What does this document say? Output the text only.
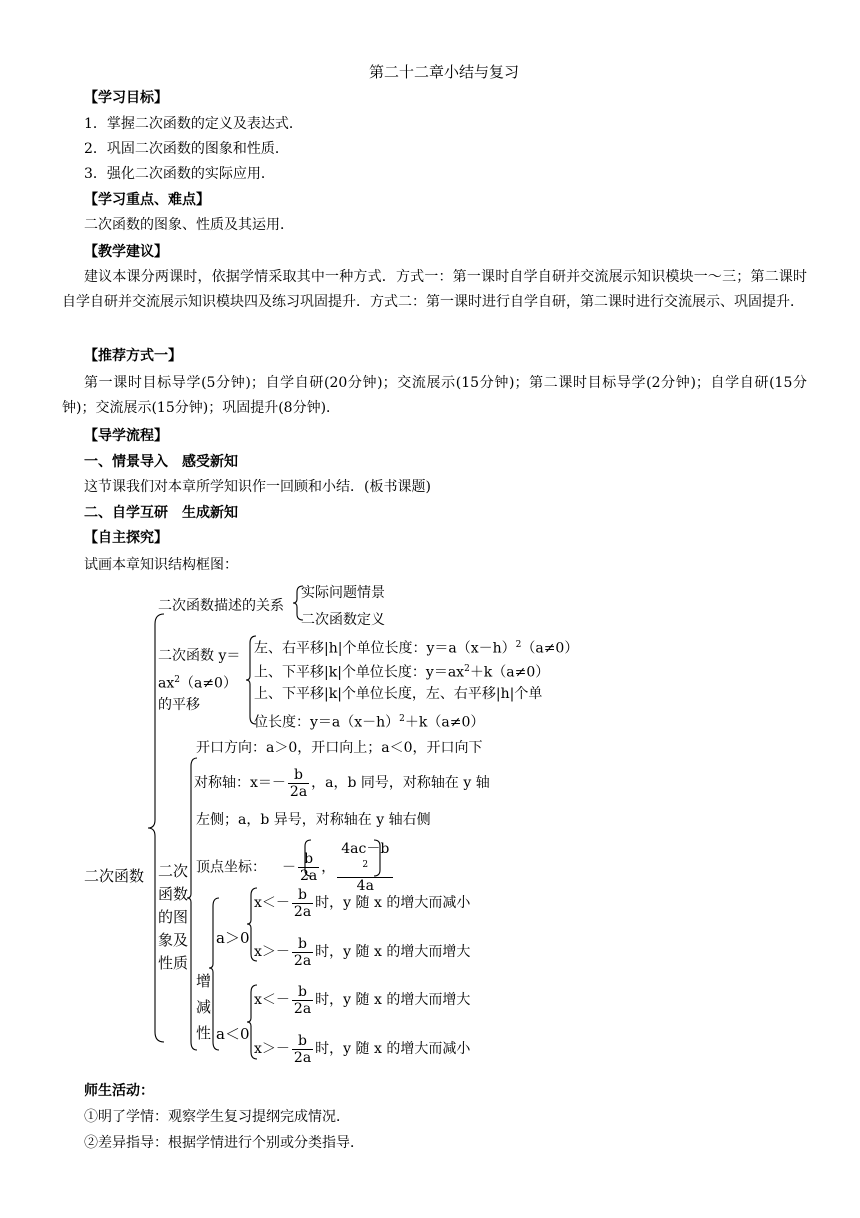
第二十二章小结与复习
【学习目标】
1．掌握二次函数的定义及表达式．
2．巩固二次函数的图象和性质．
3．强化二次函数的实际应用．
【学习重点、难点】
二次函数的图象、性质及其运用．
【教学建议】
建议本课分两课时，依据学情采取其中一种方式．方式一：第一课时自学自研并交流展示知识模块一～三；第二课时自学自研并交流展示知识模块四及练习巩固提升．方式二：第一课时进行自学自研，第二课时进行交流展示、巩固提升．
【推荐方式一】
第一课时目标导学(5分钟)；自学自研(20分钟)；交流展示(15分钟)；第二课时目标导学(2分钟)；自学自研(15分钟)；交流展示(15分钟)；巩固提升(8分钟)．
【导学流程】
一、情景导入　感受新知
这节课我们对本章所学知识作一回顾和小结．(板书课题)
二、自学互研　生成新知
【自主探究】
试画本章知识结构框图：
二次函数
二次函数描述的关系
实际问题情景
二次函数定义
二次函数 y＝
$ax^2(a\ne 0)$
的平移
左、右平移|h|个单位长度：$y=a(x-h)^2(a\ne 0)$
上、下平移|k|个单位长度：$y=ax^2+k(a\ne 0)$
上、下平移|k|个单位长度，左、右平移|h|个单
位长度：$y=a(x-h)^2+k(a\ne 0)$
二次
函数
的图
象及
性质
开口方向：a＞0，开口向上；a＜0，开口向下
对称轴：$x=- \frac{b}{2a}$ ，a，b 同号，对称轴在 y 轴
左侧；a，b 异号，对称轴在 y 轴右侧
顶点坐标： － $\frac{b}{2a}$ ， 4ac－b
$^2$
4a
增
减
性
a＞0
a＜0
$x<- \frac{b}{2a}$ 时，y 随 x 的增大而减小
$x>- \frac{b}{2a}$ 时，y 随 x 的增大而增大
$x<- \frac{b}{2a}$ 时，y 随 x 的增大而增大
$x>- \frac{b}{2a}$ 时，y 随 x 的增大而减小
师生活动：
①明了学情：观察学生复习提纲完成情况．
②差异指导：根据学情进行个别或分类指导．
